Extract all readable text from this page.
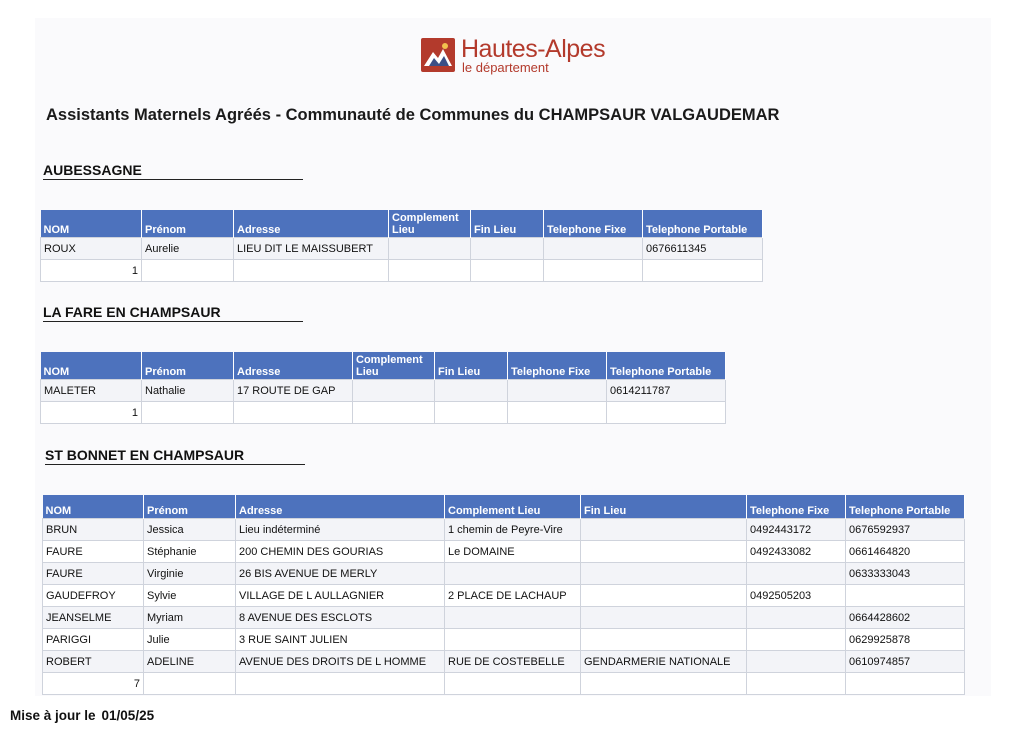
Hautes-Alpes
le département
Assistants Maternels Agréés - Communauté de Communes du CHAMPSAUR VALGAUDEMAR
AUBESSAGNE
NOM	Prénom	Adresse	Complement Lieu	Fin Lieu	Telephone Fixe	Telephone Portable
ROUX	Aurelie	LIEU DIT LE MAISSUBERT				0676611345
1						
LA FARE EN CHAMPSAUR
NOM	Prénom	Adresse	Complement Lieu	Fin Lieu	Telephone Fixe	Telephone Portable
MALETER	Nathalie	17 ROUTE DE GAP				0614211787
1						
ST BONNET EN CHAMPSAUR
NOM	Prénom	Adresse	Complement Lieu	Fin Lieu	Telephone Fixe	Telephone Portable
BRUN	Jessica	Lieu indéterminé	1 chemin de Peyre-Vire		0492443172	0676592937
FAURE	Stéphanie	200 CHEMIN DES GOURIAS	Le DOMAINE		0492433082	0661464820
FAURE	Virginie	26 BIS AVENUE DE MERLY				0633333043
GAUDEFROY	Sylvie	VILLAGE DE L AULLAGNIER	2 PLACE DE LACHAUP		0492505203	
JEANSELME	Myriam	8 AVENUE DES ESCLOTS				0664428602
PARIGGI	Julie	3 RUE SAINT JULIEN				0629925878
ROBERT	ADELINE	AVENUE DES DROITS DE L HOMME	RUE DE COSTEBELLE	GENDARMERIE NATIONALE		0610974857
7						
Mise à jour le 01/05/25
